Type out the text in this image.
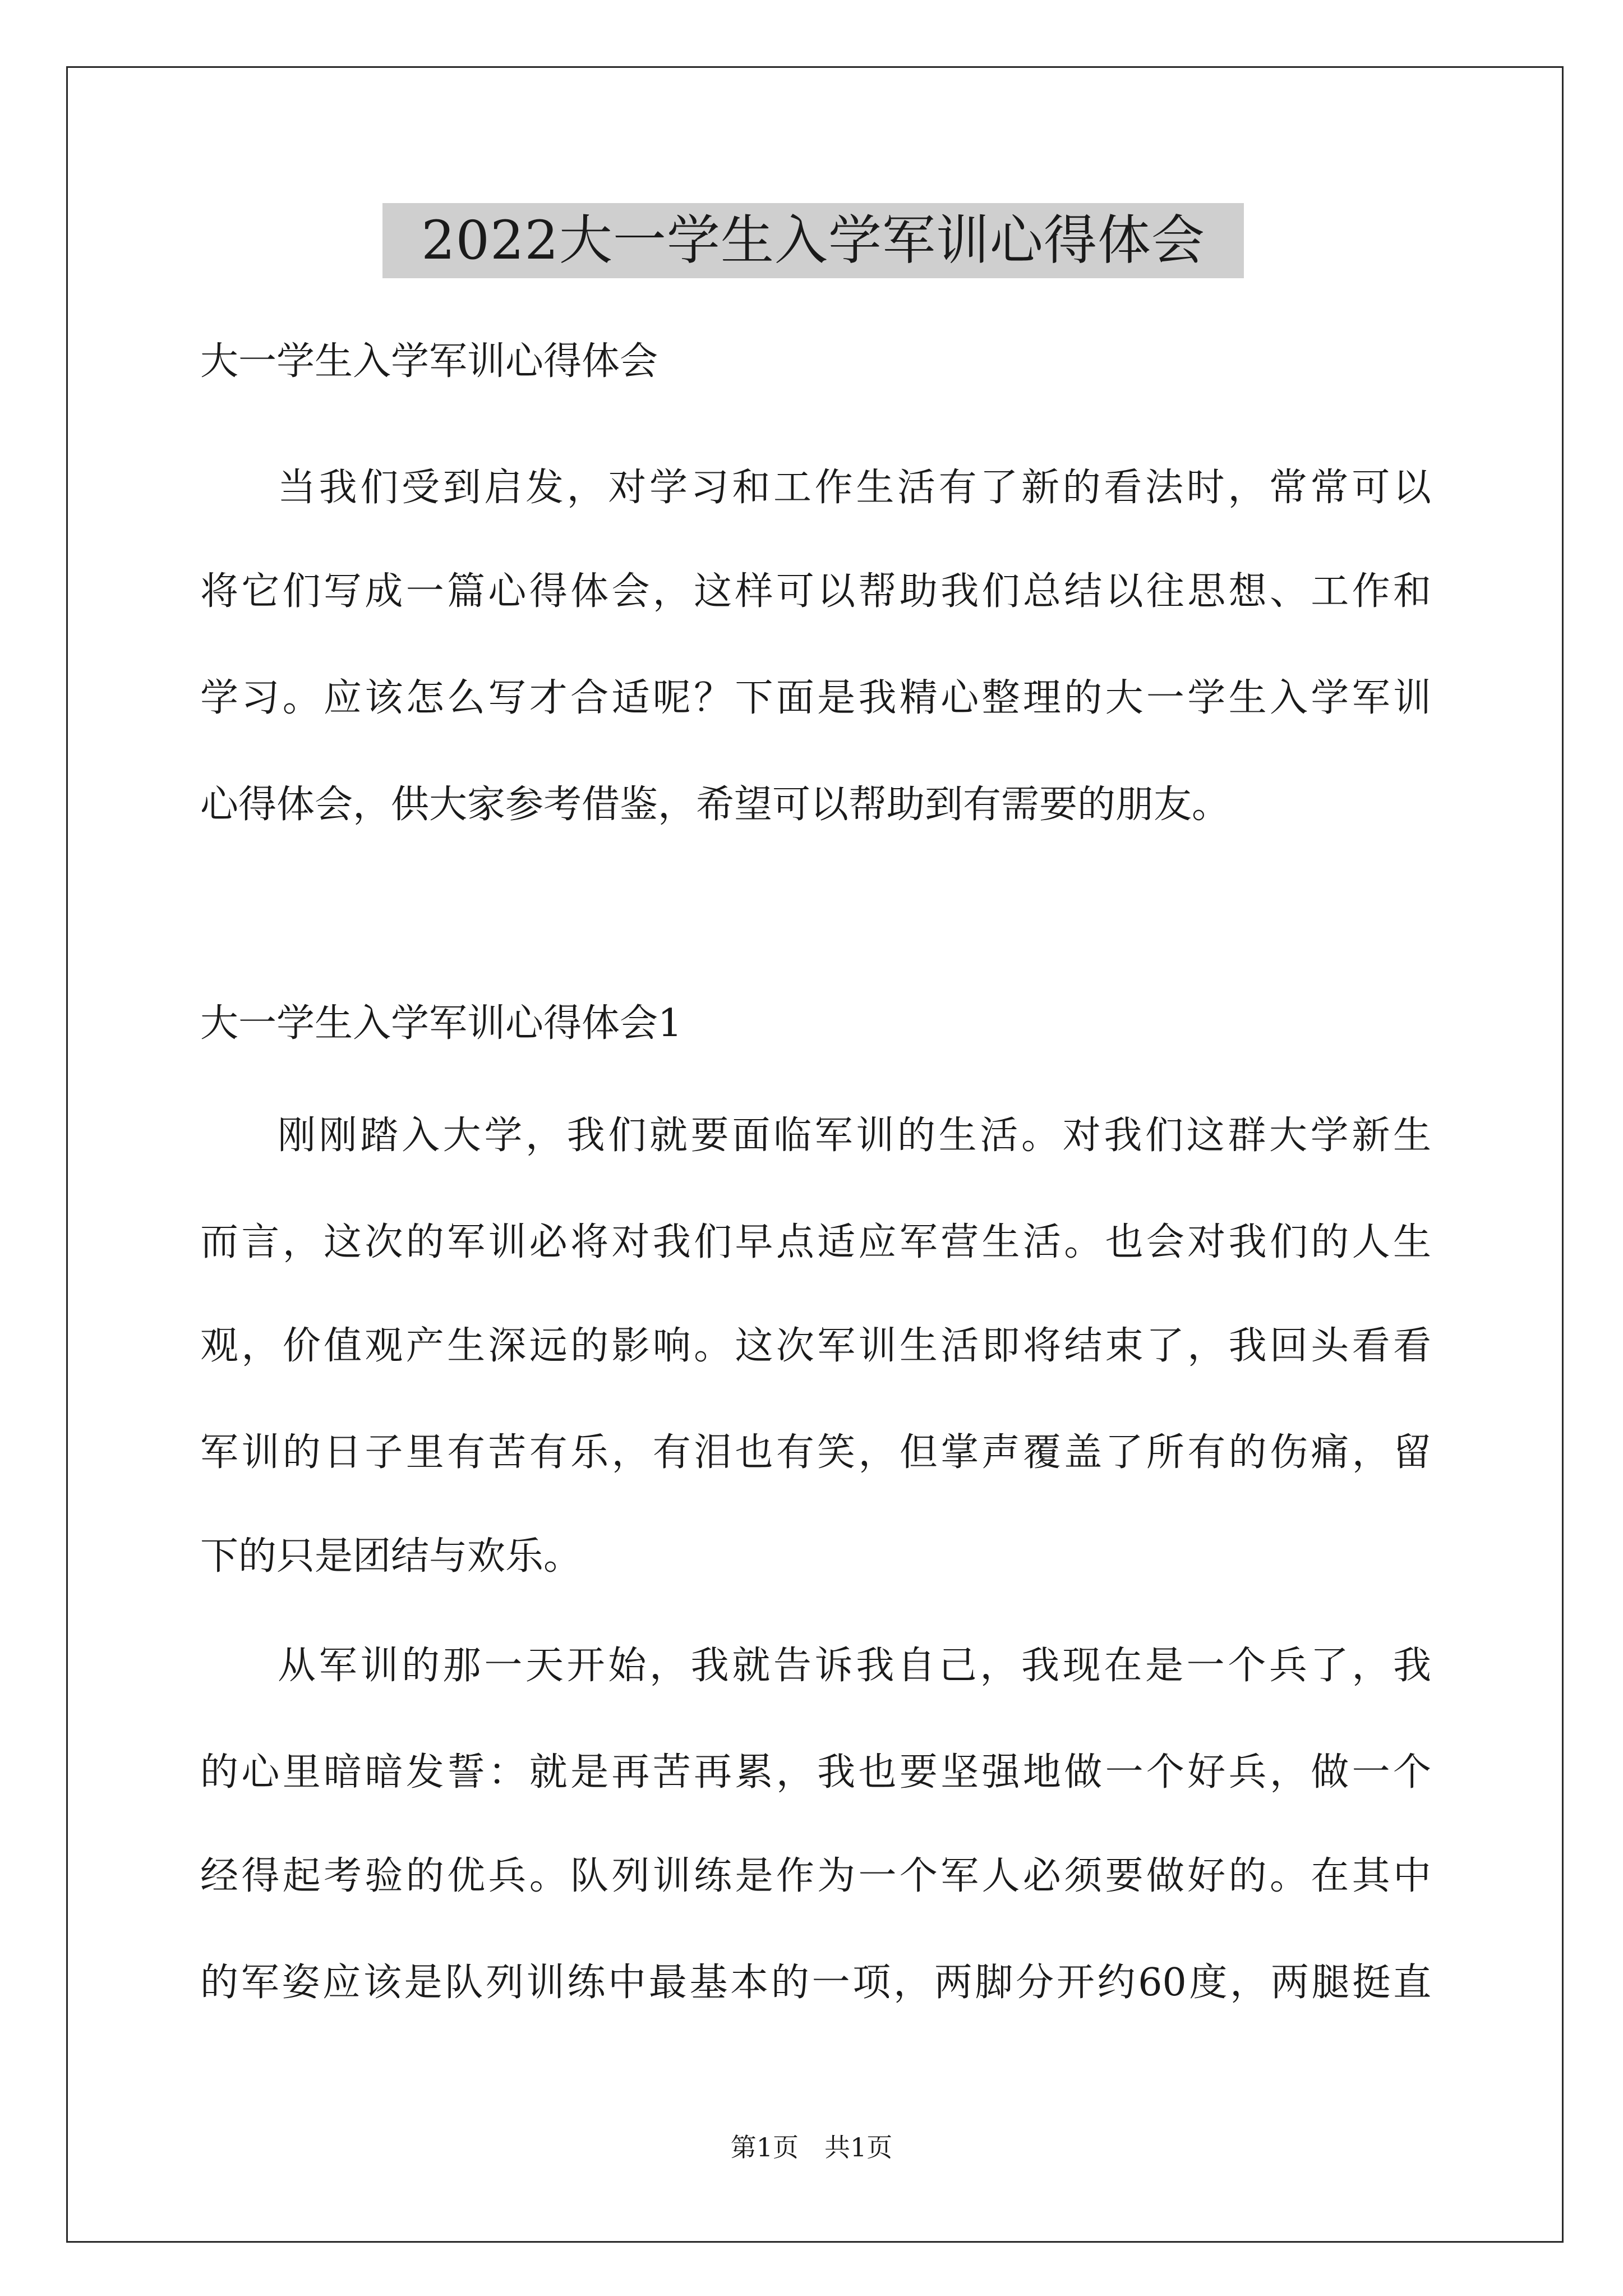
2022大一学生入学军训心得体会
大一学生入学军训心得体会
当我们受到启发，对学习和工作生活有了新的看法时，常常可以
将它们写成一篇心得体会，这样可以帮助我们总结以往思想、工作和
学习。应该怎么写才合适呢？下面是我精心整理的大一学生入学军训
心得体会，供大家参考借鉴，希望可以帮助到有需要的朋友。
大一学生入学军训心得体会1
刚刚踏入大学，我们就要面临军训的生活。对我们这群大学新生
而言，这次的军训必将对我们早点适应军营生活。也会对我们的人生
观，价值观产生深远的影响。这次军训生活即将结束了，我回头看看
军训的日子里有苦有乐，有泪也有笑，但掌声覆盖了所有的伤痛，留
下的只是团结与欢乐。
从军训的那一天开始，我就告诉我自己，我现在是一个兵了，我
的心里暗暗发誓：就是再苦再累，我也要坚强地做一个好兵，做一个
经得起考验的优兵。队列训练是作为一个军人必须要做好的。在其中
的军姿应该是队列训练中最基本的一项，两脚分开约60度，两腿挺直
第1页　共1页
